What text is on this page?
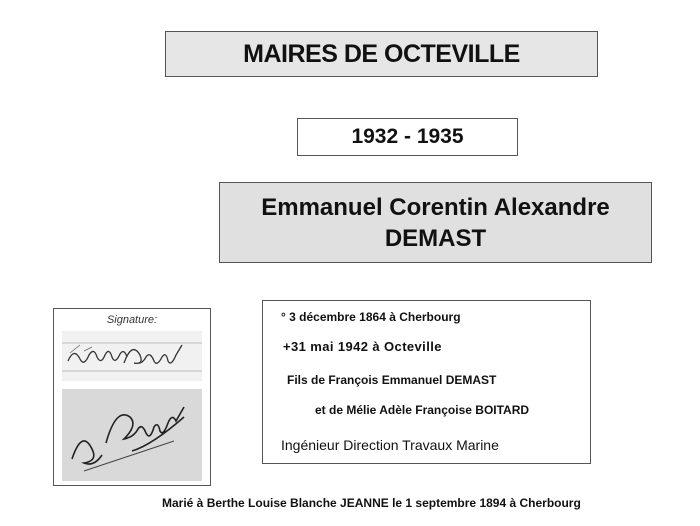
MAIRES DE OCTEVILLE
1932 - 1935
Emmanuel Corentin Alexandre
DEMAST
Signature:	° 3 décembre 1864 à Cherbourg
+31 mai 1942 à Octeville
Fils de François Emmanuel DEMAST
et de Mélie Adèle Françoise BOITARD
Ingénieur Direction Travaux Marine
Marié à Berthe Louise Blanche JEANNE le 1 septembre 1894 à Cherbourg
